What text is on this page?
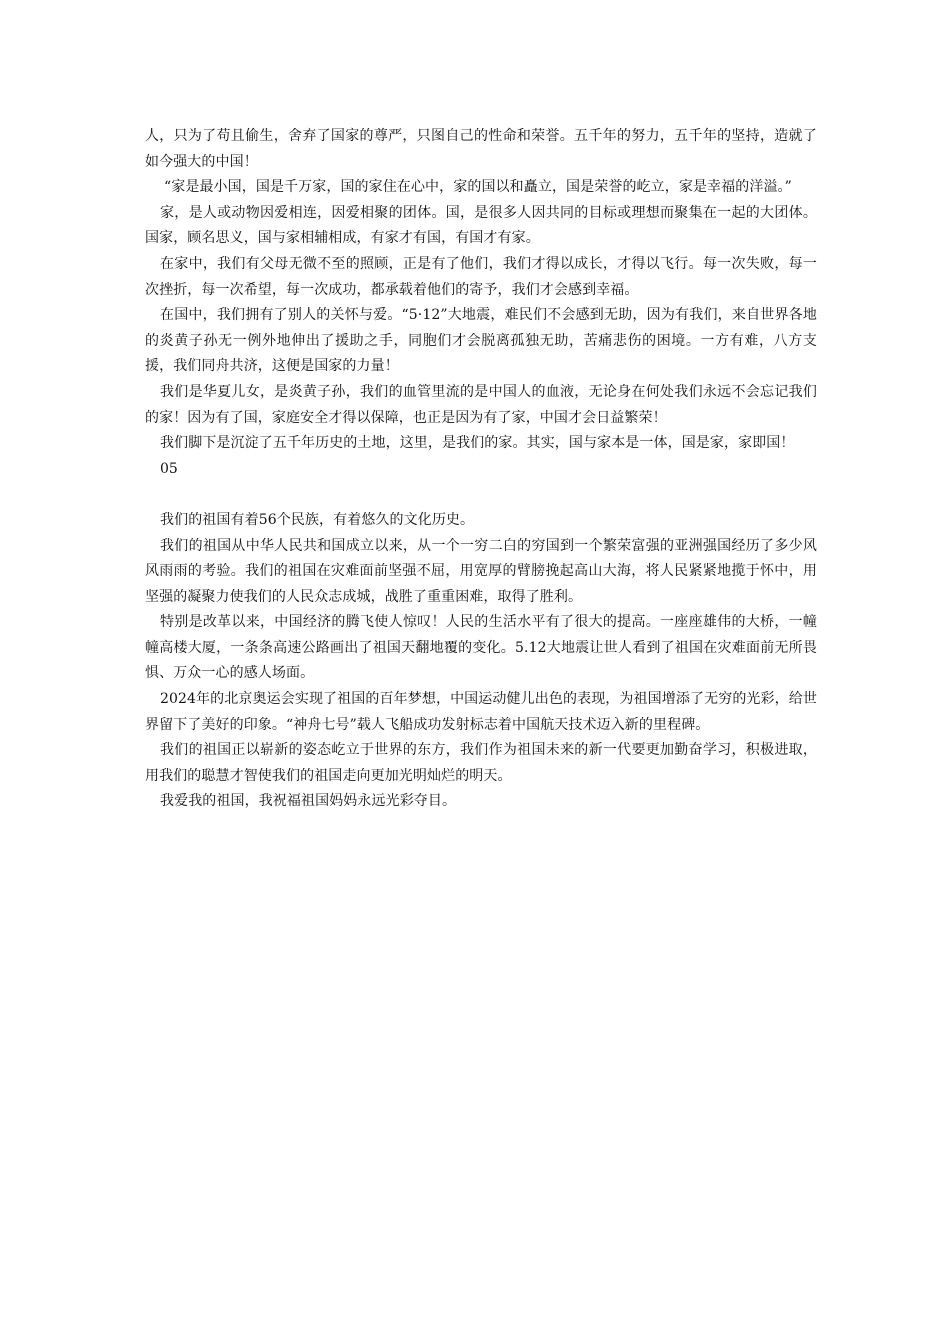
人，只为了苟且偷生，舍弃了国家的尊严，只图自己的性命和荣誉。五千年的努力，五千年的坚持，造就了如今强大的中国！

“家是最小国，国是千万家，国的家住在心中，家的国以和矗立，国是荣誉的屹立，家是幸福的洋溢。”

家，是人或动物因爱相连，因爱相聚的团体。国，是很多人因共同的目标或理想而聚集在一起的大团体。国家，顾名思义，国与家相辅相成，有家才有国，有国才有家。

在家中，我们有父母无微不至的照顾，正是有了他们，我们才得以成长，才得以飞行。每一次失败，每一次挫折，每一次希望，每一次成功，都承载着他们的寄予，我们才会感到幸福。

在国中，我们拥有了别人的关怀与爱。“5·12”大地震，难民们不会感到无助，因为有我们，来自世界各地的炎黄子孙无一例外地伸出了援助之手，同胞们才会脱离孤独无助，苦痛悲伤的困境。一方有难，八方支援，我们同舟共济，这便是国家的力量！

我们是华夏儿女，是炎黄子孙，我们的血管里流的是中国人的血液，无论身在何处我们永远不会忘记我们的家！因为有了国，家庭安全才得以保障，也正是因为有了家，中国才会日益繁荣！

我们脚下是沉淀了五千年历史的土地，这里，是我们的家。其实，国与家本是一体，国是家，家即国！

05

我们的祖国有着56个民族，有着悠久的文化历史。

我们的祖国从中华人民共和国成立以来，从一个一穷二白的穷国到一个繁荣富强的亚洲强国经历了多少风风雨雨的考验。我们的祖国在灾难面前坚强不屈，用宽厚的臂膀挽起高山大海，将人民紧紧地揽于怀中，用坚强的凝聚力使我们的人民众志成城，战胜了重重困难，取得了胜利。

特别是改革以来，中国经济的腾飞使人惊叹！人民的生活水平有了很大的提高。一座座雄伟的大桥，一幢幢高楼大厦，一条条高速公路画出了祖国天翻地覆的变化。5.12大地震让世人看到了祖国在灾难面前无所畏惧、万众一心的感人场面。

2024年的北京奥运会实现了祖国的百年梦想，中国运动健儿出色的表现，为祖国增添了无穷的光彩，给世界留下了美好的印象。“神舟七号”载人飞船成功发射标志着中国航天技术迈入新的里程碑。

我们的祖国正以崭新的姿态屹立于世界的东方，我们作为祖国未来的新一代要更加勤奋学习，积极进取，用我们的聪慧才智使我们的祖国走向更加光明灿烂的明天。

我爱我的祖国，我祝福祖国妈妈永远光彩夺目。
